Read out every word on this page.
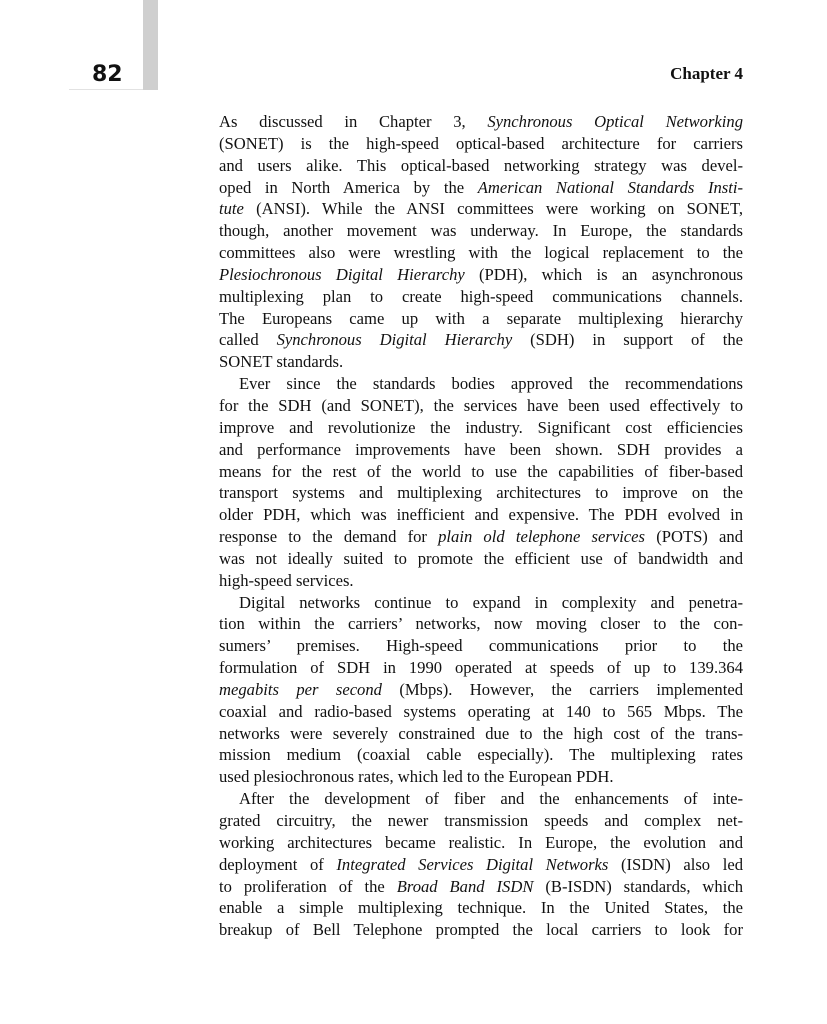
82	Chapter 4

As discussed in Chapter 3, Synchronous Optical Networking
(SONET) is the high-speed optical-based architecture for carriers
and users alike. This optical-based networking strategy was devel-
oped in North America by the American National Standards Insti-
tute (ANSI). While the ANSI committees were working on SONET,
though, another movement was underway. In Europe, the standards
committees also were wrestling with the logical replacement to the
Plesiochronous Digital Hierarchy (PDH), which is an asynchronous
multiplexing plan to create high-speed communications channels.
The Europeans came up with a separate multiplexing hierarchy
called Synchronous Digital Hierarchy (SDH) in support of the
SONET standards.

Ever since the standards bodies approved the recommendations
for the SDH (and SONET), the services have been used effectively to
improve and revolutionize the industry. Significant cost efficiencies
and performance improvements have been shown. SDH provides a
means for the rest of the world to use the capabilities of fiber-based
transport systems and multiplexing architectures to improve on the
older PDH, which was inefficient and expensive. The PDH evolved in
response to the demand for plain old telephone services (POTS) and
was not ideally suited to promote the efficient use of bandwidth and
high-speed services.

Digital networks continue to expand in complexity and penetra-
tion within the carriers’ networks, now moving closer to the con-
sumers’ premises. High-speed communications prior to the
formulation of SDH in 1990 operated at speeds of up to 139.364
megabits per second (Mbps). However, the carriers implemented
coaxial and radio-based systems operating at 140 to 565 Mbps. The
networks were severely constrained due to the high cost of the trans-
mission medium (coaxial cable especially). The multiplexing rates
used plesiochronous rates, which led to the European PDH.

After the development of fiber and the enhancements of inte-
grated circuitry, the newer transmission speeds and complex net-
working architectures became realistic. In Europe, the evolution and
deployment of Integrated Services Digital Networks (ISDN) also led
to proliferation of the Broad Band ISDN (B-ISDN) standards, which
enable a simple multiplexing technique. In the United States, the
breakup of Bell Telephone prompted the local carriers to look for
